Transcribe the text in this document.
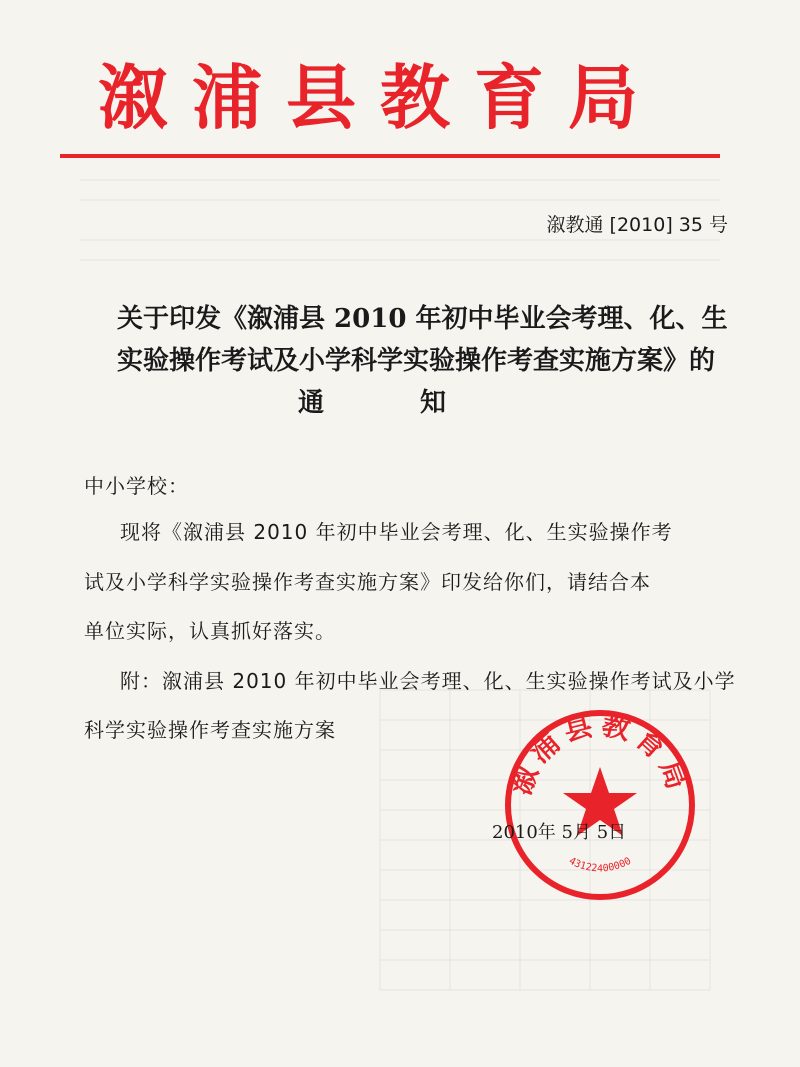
溆浦县教育局
溆教通 [2010] 35 号
关于印发《溆浦县 2010 年初中毕业会考理、化、生
实验操作考试及小学科学实验操作考查实施方案》的
通知
中小学校：
现将《溆浦县 2010 年初中毕业会考理、化、生实验操作考
试及小学科学实验操作考查实施方案》印发给你们，请结合本
单位实际，认真抓好落实。
附：溆浦县 2010 年初中毕业会考理、化、生实验操作考试及小学
科学实验操作考查实施方案
溆浦县教育局
43122400000
2010年 5月 5日
